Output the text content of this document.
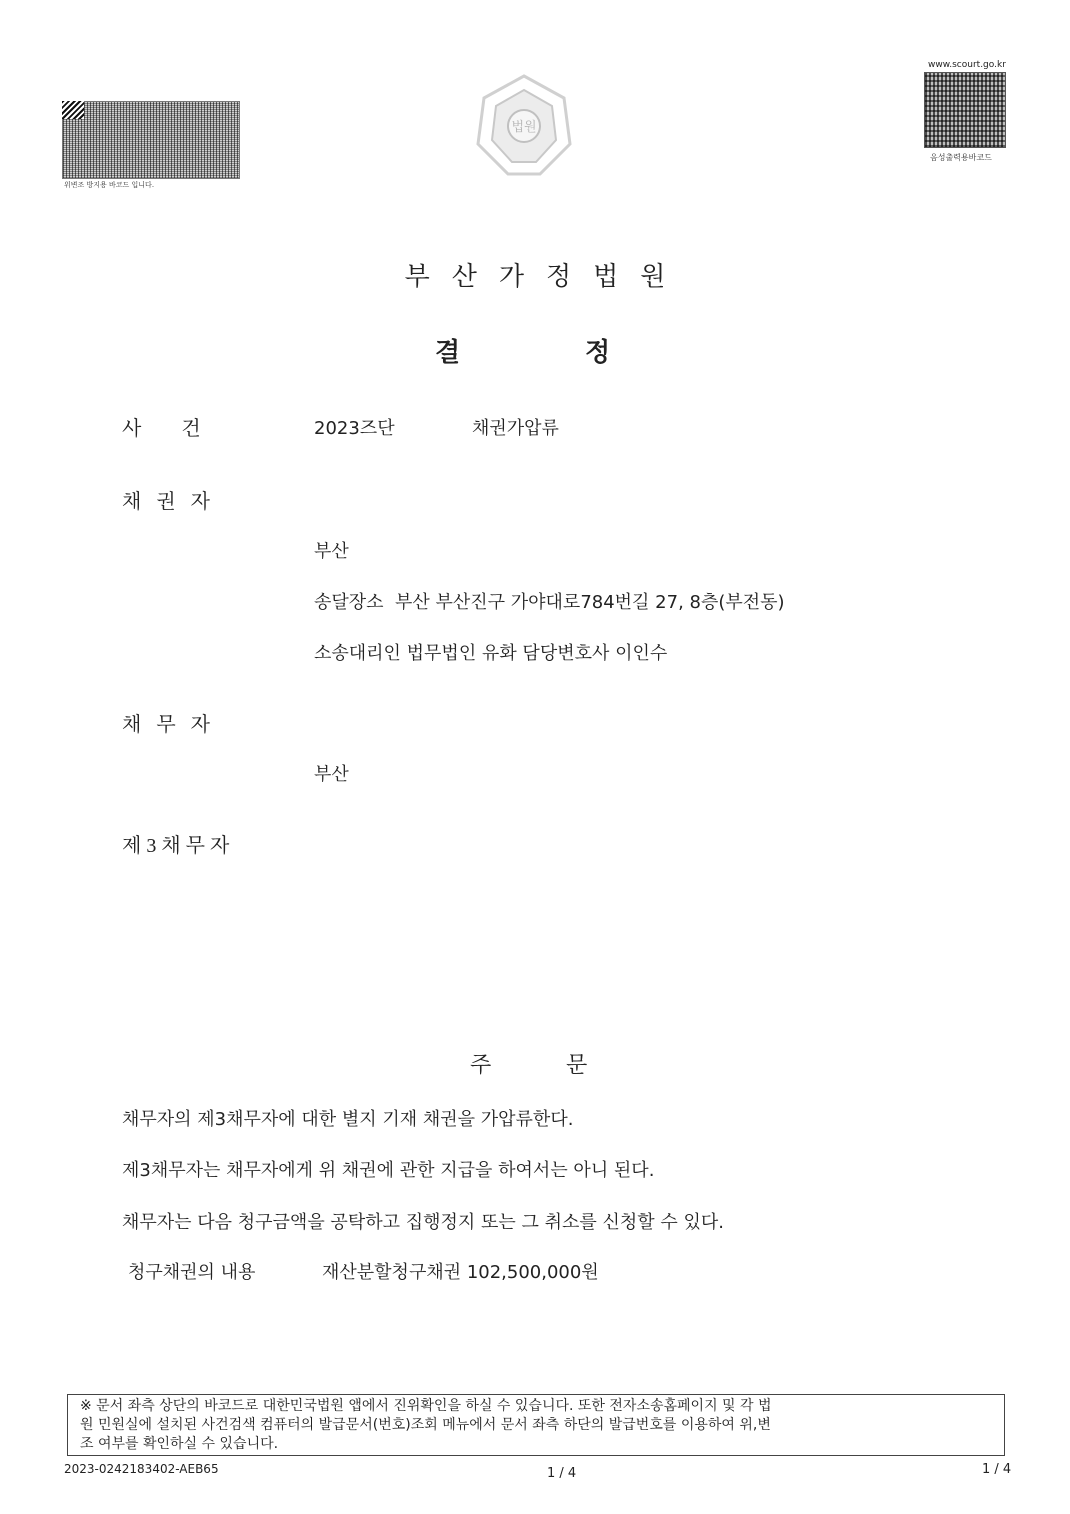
위변조 방지용 바코드 입니다.
www.scourt.go.kr
음성출력용바코드
법원
부산가정법원
결	정
사        건	2023즈단	채권가압류
채   권   자
부산
송달장소  부산 부산진구 가야대로784번길 27, 8층(부전동)
소송대리인 법무법인 유화 담당변호사 이인수
채   무   자
부산
제 3 채 무 자
주	문
채무자의 제3채무자에 대한 별지 기재 채권을 가압류한다.
제3채무자는 채무자에게 위 채권에 관한 지급을 하여서는 아니 된다.
채무자는 다음 청구금액을 공탁하고 집행정지 또는 그 취소를 신청할 수 있다.
청구채권의 내용	재산분할청구채권 102,500,000원
※ 문서 좌측 상단의 바코드로 대한민국법원 앱에서 진위확인을 하실 수 있습니다. 또한 전자소송홈페이지 및 각 법
원 민원실에 설치된 사건검색 컴퓨터의 발급문서(번호)조회 메뉴에서 문서 좌측 하단의 발급번호를 이용하여 위,변
조 여부를 확인하실 수 있습니다.
2023-0242183402-AEB65	1 / 4	1 / 4
